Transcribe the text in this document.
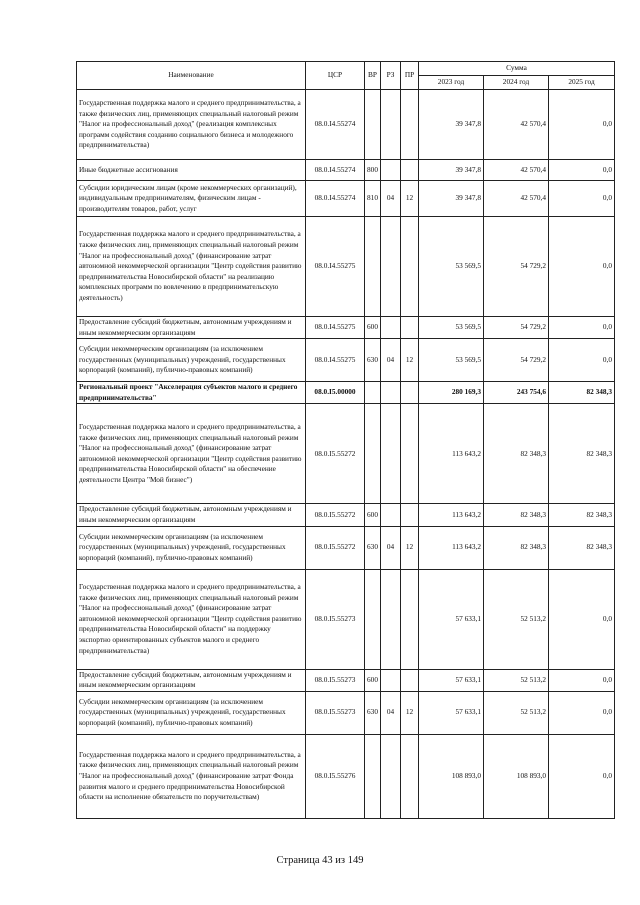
Наименование	ЦСР	ВР	РЗ	ПР	Сумма		
					2023 год	2024 год	2025 год
Государственная поддержка малого и среднего предпринимательства, а также физических лиц, применяющих специальный налоговый режим "Налог на профессиональный доход" (реализация комплексных программ содействия созданию социального бизнеса и молодежного предпринимательства)	08.0.I4.55274				39 347,8	42 570,4	0,0
Иные бюджетные ассигнования	08.0.I4.55274	800			39 347,8	42 570,4	0,0
Субсидии юридическим лицам (кроме некоммерческих организаций), индивидуальным предпринимателям, физическим лицам - производителям товаров, работ, услуг	08.0.I4.55274	810	04	12	39 347,8	42 570,4	0,0
Государственная поддержка малого и среднего предпринимательства, а также физических лиц, применяющих специальный налоговый режим "Налог на профессиональный доход" (финансирование затрат автономной некоммерческой организации "Центр содействия развитию предпринимательства Новосибирской области" на реализацию комплексных программ по вовлечению в предпринимательскую деятельность)	08.0.I4.55275				53 569,5	54 729,2	0,0
Предоставление субсидий бюджетным, автономным учреждениям и иным некоммерческим организациям	08.0.I4.55275	600			53 569,5	54 729,2	0,0
Субсидии некоммерческим организациям (за исключением государственных (муниципальных) учреждений, государственных корпораций (компаний), публично-правовых компаний)	08.0.I4.55275	630	04	12	53 569,5	54 729,2	0,0
Региональный проект "Акселерация субъектов малого и среднего предпринимательства"	08.0.I5.00000				280 169,3	243 754,6	82 348,3
Государственная поддержка малого и среднего предпринимательства, а также физических лиц, применяющих специальный налоговый режим "Налог на профессиональный доход" (финансирование затрат автономной некоммерческой организации "Центр содействия развитию предпринимательства Новосибирской области" на обеспечение деятельности Центра "Мой бизнес")	08.0.I5.55272				113 643,2	82 348,3	82 348,3
Предоставление субсидий бюджетным, автономным учреждениям и иным некоммерческим организациям	08.0.I5.55272	600			113 643,2	82 348,3	82 348,3
Субсидии некоммерческим организациям (за исключением государственных (муниципальных) учреждений, государственных корпораций (компаний), публично-правовых компаний)	08.0.I5.55272	630	04	12	113 643,2	82 348,3	82 348,3
Государственная поддержка малого и среднего предпринимательства, а также физических лиц, применяющих специальный налоговый режим "Налог на профессиональный доход" (финансирование затрат автономной некоммерческой организации "Центр содействия развитию предпринимательства Новосибирской области" на поддержку экспортно ориентированных субъектов малого и среднего предпринимательства)	08.0.I5.55273				57 633,1	52 513,2	0,0
Предоставление субсидий бюджетным, автономным учреждениям и иным некоммерческим организациям	08.0.I5.55273	600			57 633,1	52 513,2	0,0
Субсидии некоммерческим организациям (за исключением государственных (муниципальных) учреждений, государственных корпораций (компаний), публично-правовых компаний)	08.0.I5.55273	630	04	12	57 633,1	52 513,2	0,0
Государственная поддержка малого и среднего предпринимательства, а также физических лиц, применяющих специальный налоговый режим "Налог на профессиональный доход" (финансирование затрат Фонда развития малого и среднего предпринимательства Новосибирской области на исполнение обязательств по поручительствам)	08.0.I5.55276				108 893,0	108 893,0	0,0
Страница 43 из 149
